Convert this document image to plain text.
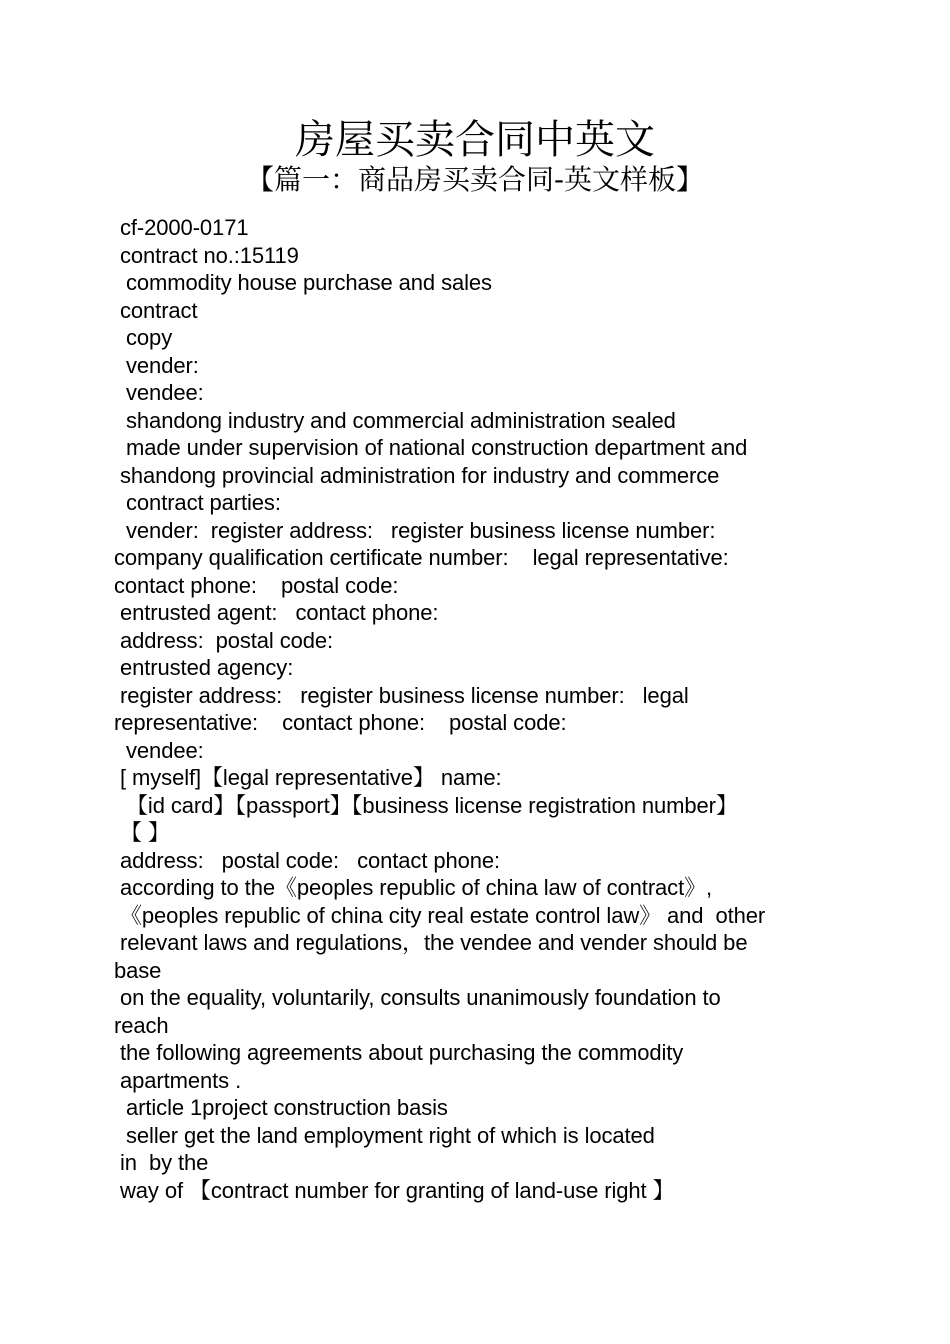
房屋买卖合同中英文
【篇一：商品房买卖合同-英文样板】
cf-2000-0171
contract no.:15119
commodity house purchase and sales
contract
copy
vender:
vendee:
shandong industry and commercial administration sealed
made under supervision of national construction department and
shandong provincial administration for industry and commerce
contract parties:
vender:  register address:   register business license number:
company qualification certificate number:    legal representative:
contact phone:    postal code:
entrusted agent:   contact phone:
address:  postal code:
entrusted agency:
register address:   register business license number:   legal
representative:    contact phone:    postal code:
vendee:
[ myself]【legal representative】 name:
【id card】【passport】【business license registration number】
【 】
address:   postal code:   contact phone:
according to the《peoples republic of china law of contract》,
《peoples republic of china city real estate control law》 and  other
relevant laws and regulations，the vendee and vender should be
base
on the equality, voluntarily, consults unanimously foundation to
reach
the following agreements about purchasing the commodity
apartments .
article 1project construction basis
seller get the land employment right of which is located
in  by the
way of 【contract number for granting of land-use right 】
